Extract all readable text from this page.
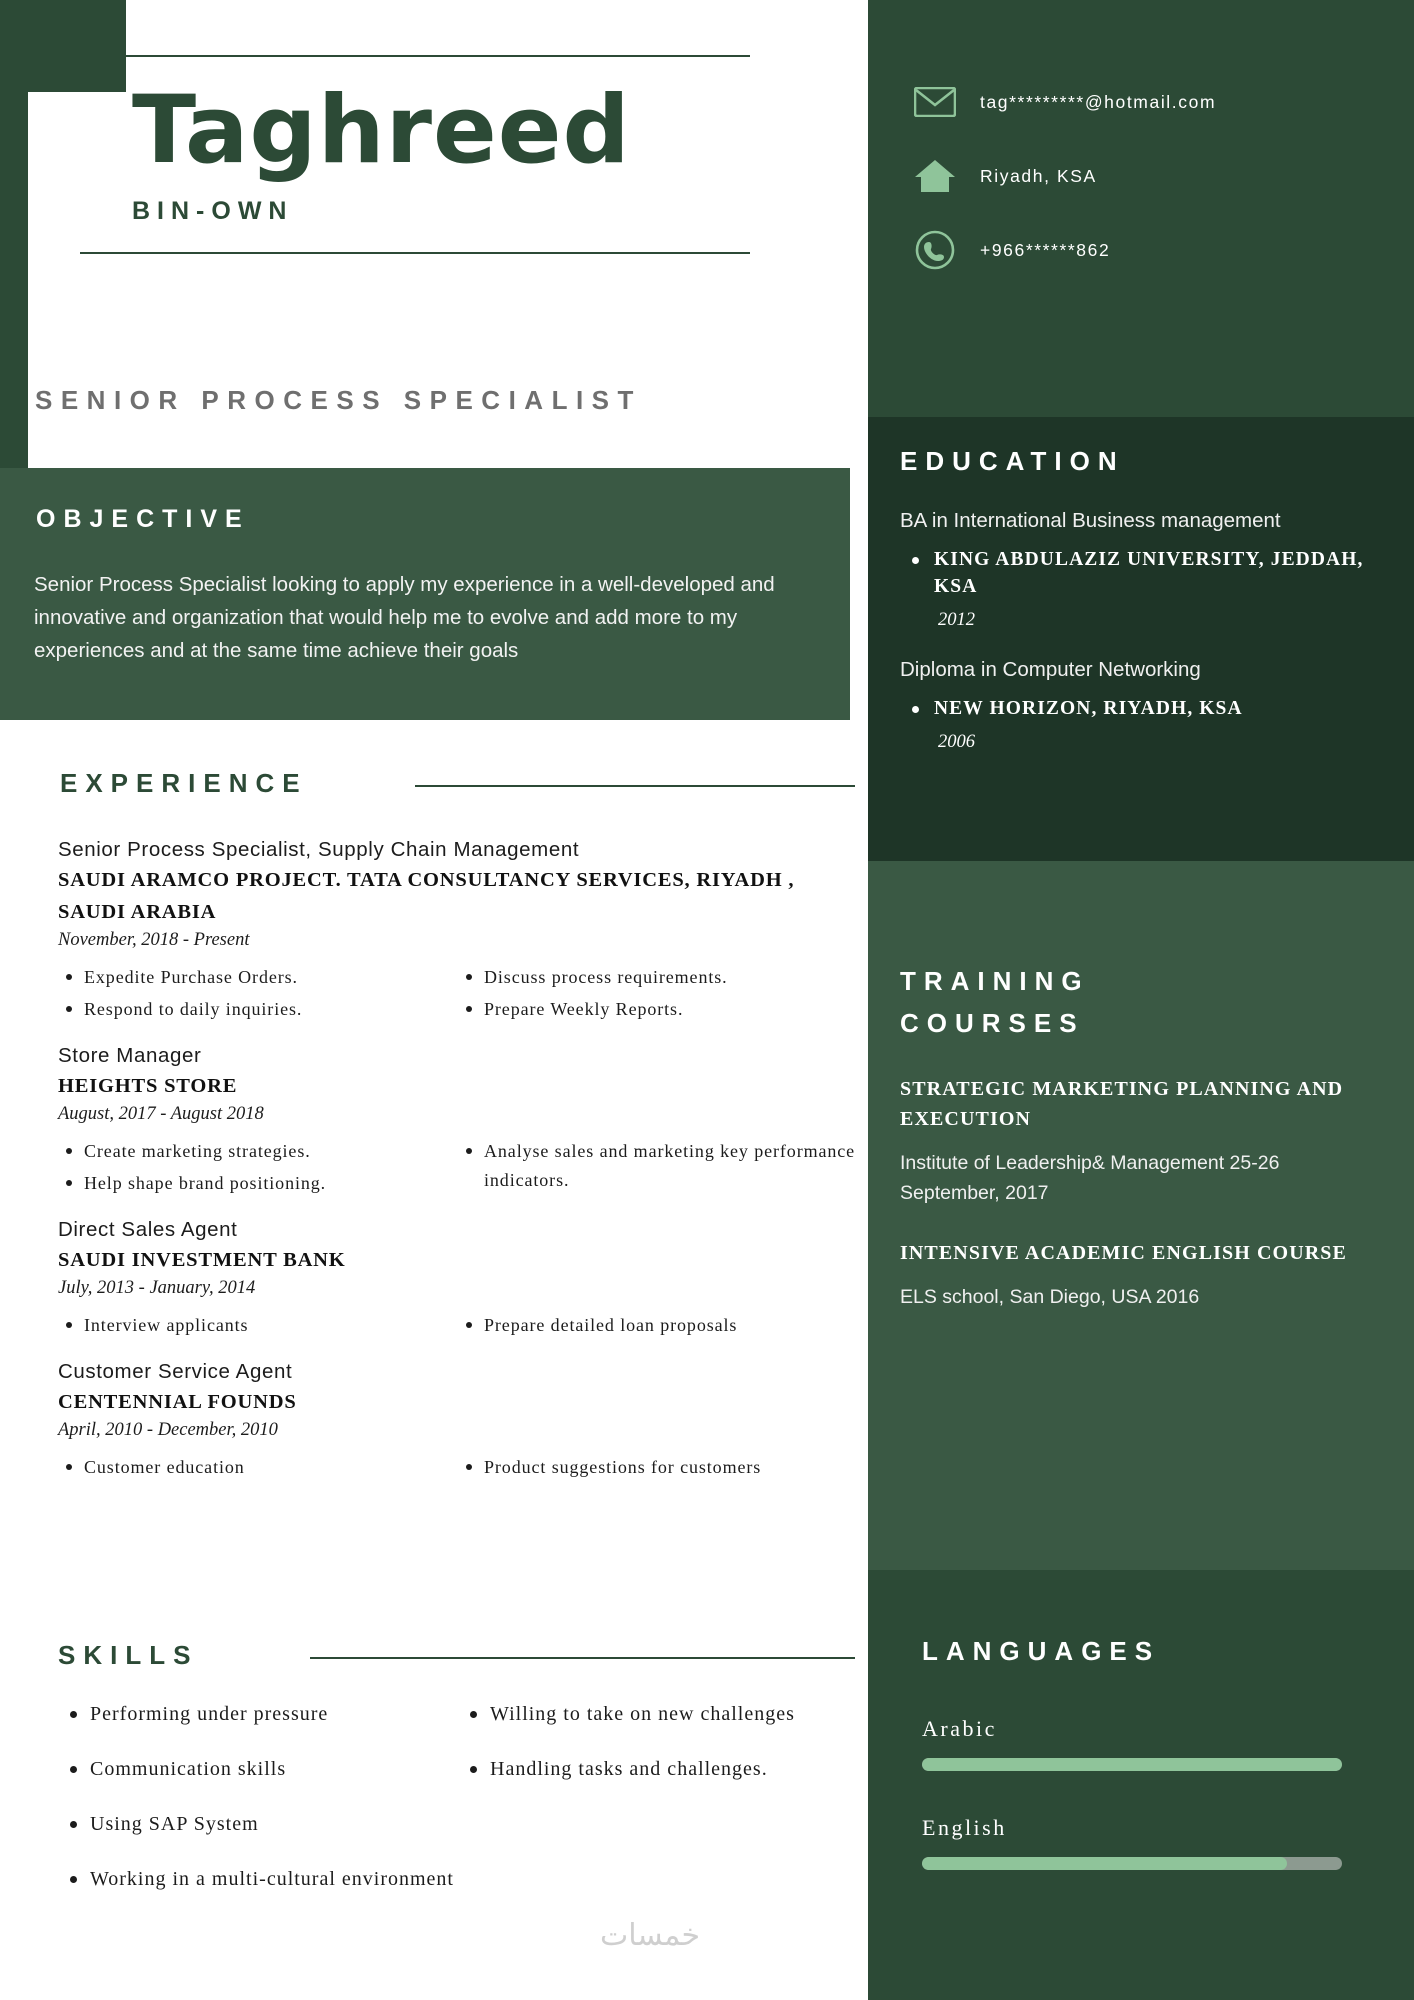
tag*********@hotmail.com
Riyadh, KSA
+966******862
Taghreed
BIN-OWN
SENIOR PROCESS SPECIALIST
OBJECTIVE
Senior Process Specialist looking to apply my experience in a well-developed and innovative and organization that would help me to evolve and add more to my experiences and at the same time achieve their goals
EXPERIENCE
Senior Process Specialist, Supply Chain Management
SAUDI ARAMCO PROJECT. TATA CONSULTANCY SERVICES, RIYADH , SAUDI ARABIA
November, 2018 - Present
Expedite Purchase Orders.
Respond to daily inquiries.
Discuss process requirements.
Prepare Weekly Reports.
Store Manager
HEIGHTS STORE
August, 2017 - August 2018
Create marketing strategies.
Help shape brand positioning.
Analyse sales and marketing key performance indicators.
Direct Sales Agent
SAUDI INVESTMENT BANK
July, 2013 - January, 2014
Interview applicants	Prepare detailed loan proposals
Customer Service Agent
CENTENNIAL FOUNDS
April, 2010 - December, 2010
Customer education	Product suggestions for customers
SKILLS
Performing under pressure
Communication skills
Using SAP System
Working in a multi-cultural environment
Willing to take on new challenges
Handling tasks and challenges.
EDUCATION
BA in International Business management
KING ABDULAZIZ UNIVERSITY, JEDDAH, KSA
2012
Diploma in Computer Networking
NEW HORIZON, RIYADH, KSA
2006
TRAINING
COURSES
STRATEGIC MARKETING PLANNING AND EXECUTION
Institute of Leadership& Management 25-26 September, 2017
INTENSIVE ACADEMIC ENGLISH COURSE
ELS school, San Diego, USA 2016
LANGUAGES
Arabic
English
خمسات
